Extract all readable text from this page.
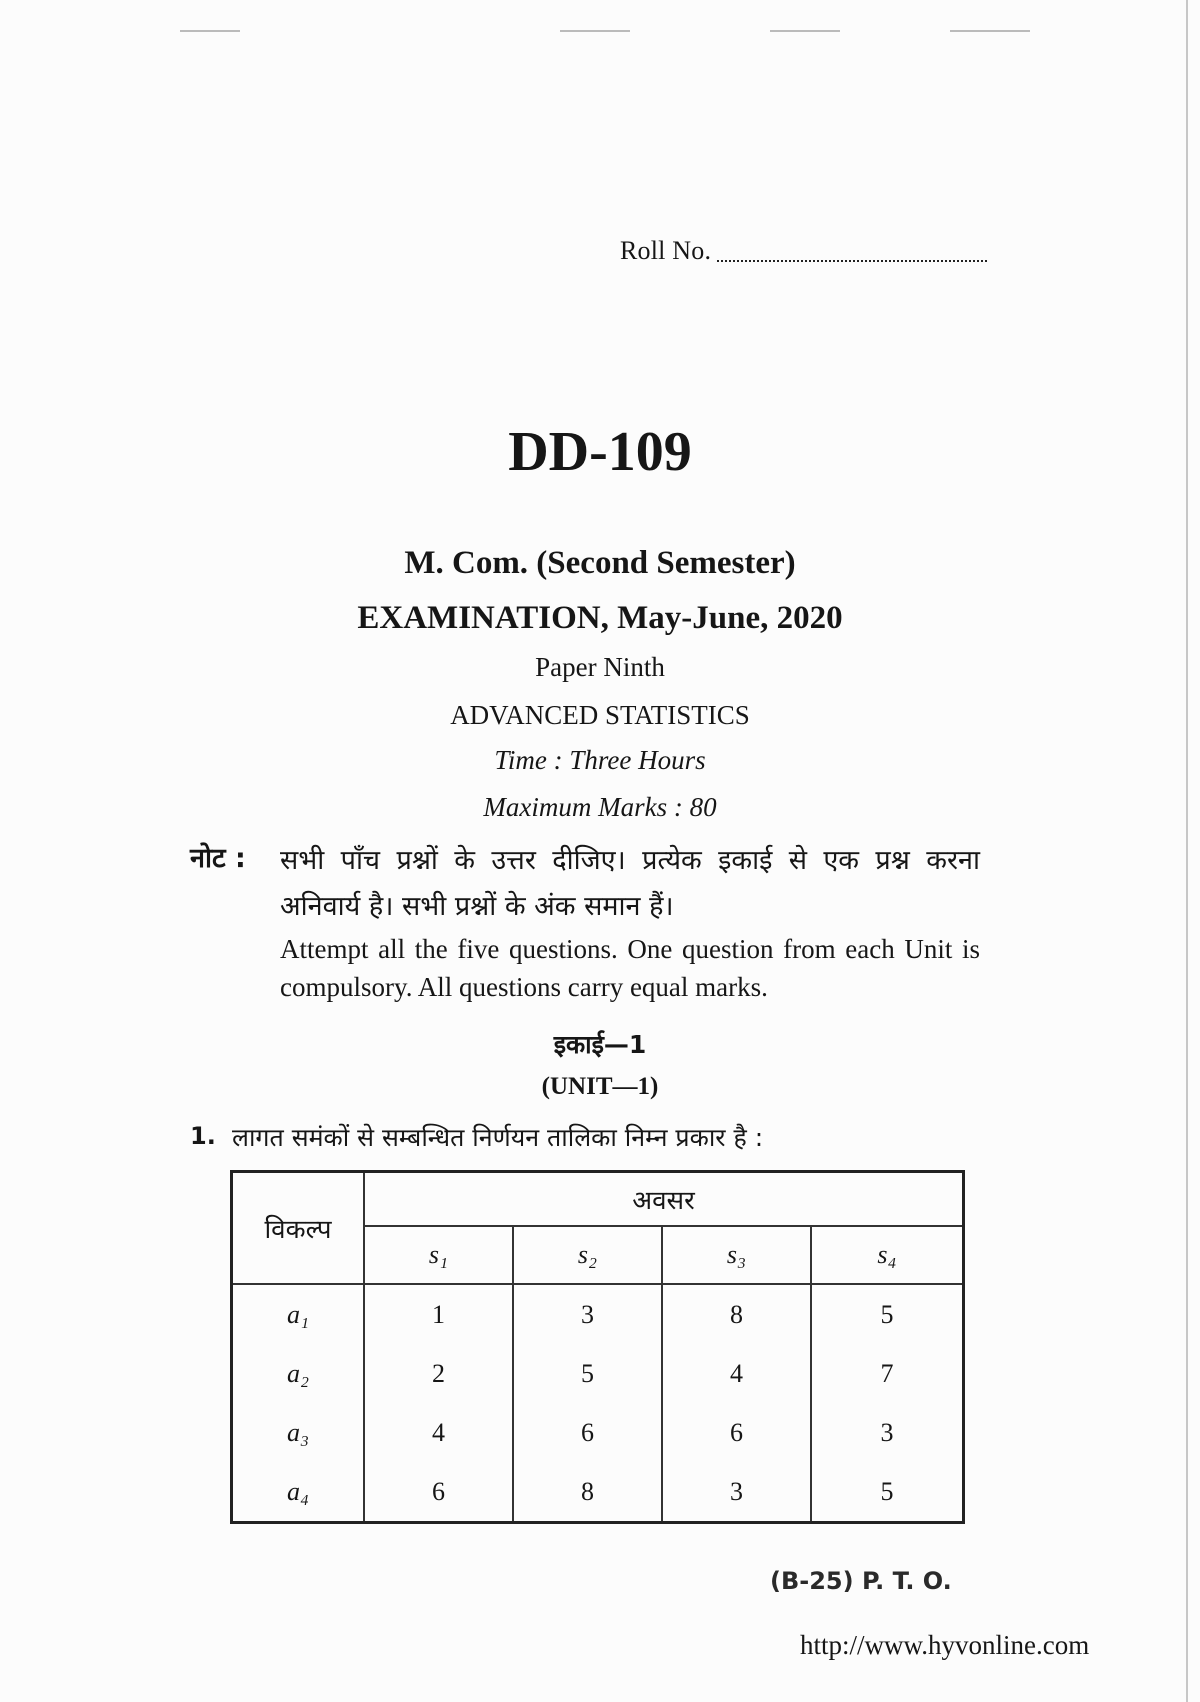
Roll No.
DD-109
M. Com. (Second Semester)
EXAMINATION, May-June, 2020
Paper Ninth
ADVANCED STATISTICS
Time : Three Hours
Maximum Marks : 80
नोट : सभी पाँच प्रश्नों के उत्तर दीजिए। प्रत्येक इकाई से एक प्रश्न करना अनिवार्य है। सभी प्रश्नों के अंक समान हैं।
Attempt all the five questions. One question from each Unit is compulsory. All questions carry equal marks.
इकाई—1
(UNIT—1)
1. लागत समंकों से सम्बन्धित निर्णयन तालिका निम्न प्रकार है :
विकल्प	अवसर			
	s₁	s₂	s₃	s₄
a₁	1	3	8	5
a₂	2	5	4	7
a₃	4	6	6	3
a₄	6	8	3	5
(B-25) P. T. O.
http://www.hyvonline.com
